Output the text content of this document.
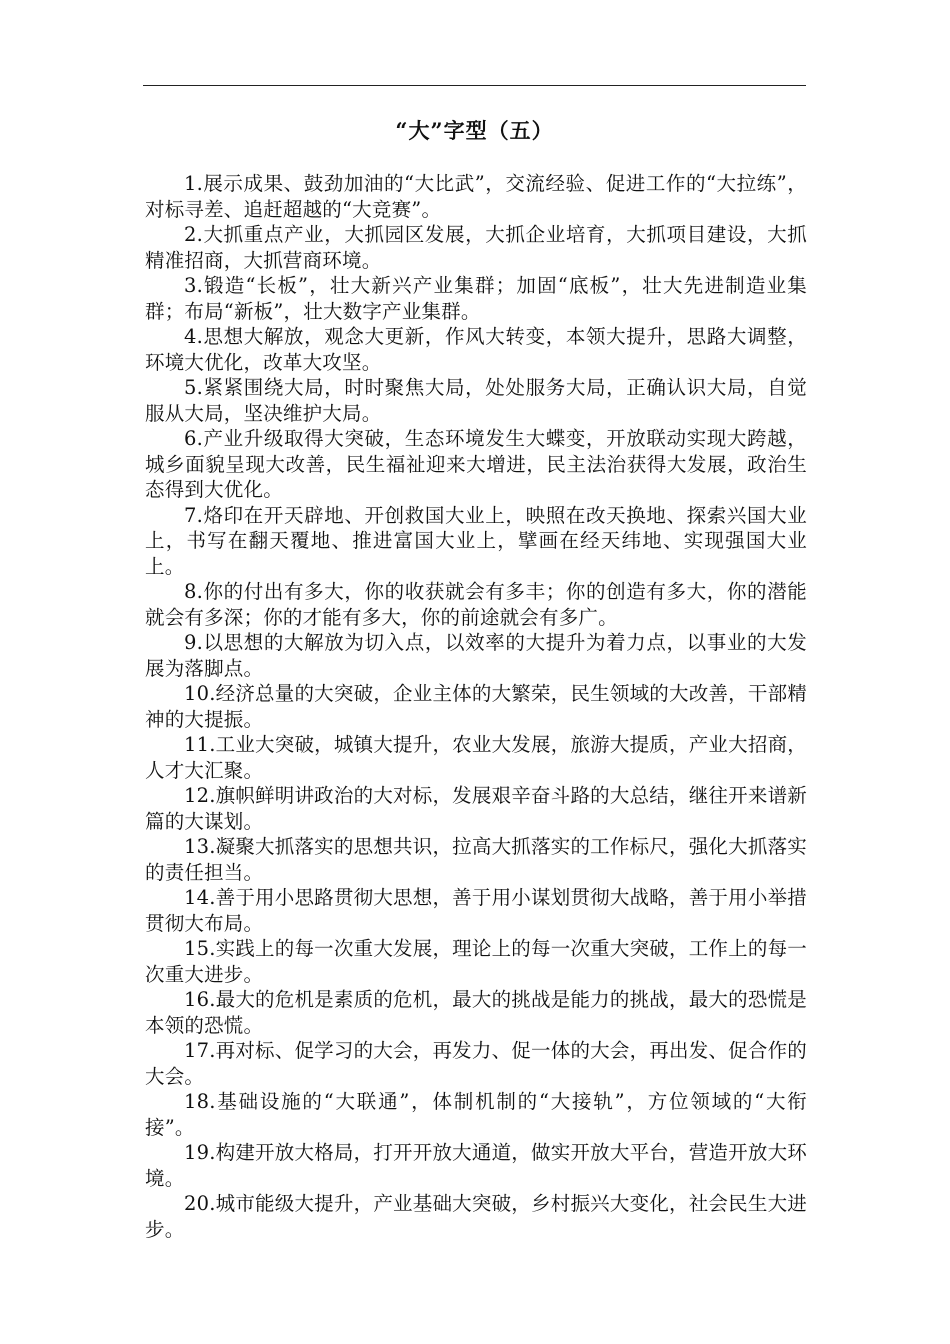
“大”字型（五）

1.展示成果、鼓劲加油的“大比武”，交流经验、促进工作的“大拉练”，对标寻差、追赶超越的“大竞赛”。

2.大抓重点产业，大抓园区发展，大抓企业培育，大抓项目建设，大抓精准招商，大抓营商环境。

3.锻造“长板”，壮大新兴产业集群；加固“底板”，壮大先进制造业集群；布局“新板”，壮大数字产业集群。

4.思想大解放，观念大更新，作风大转变，本领大提升，思路大调整，环境大优化，改革大攻坚。

5.紧紧围绕大局，时时聚焦大局，处处服务大局，正确认识大局，自觉服从大局，坚决维护大局。

6.产业升级取得大突破，生态环境发生大蝶变，开放联动实现大跨越，城乡面貌呈现大改善，民生福祉迎来大增进，民主法治获得大发展，政治生态得到大优化。

7.烙印在开天辟地、开创救国大业上，映照在改天换地、探索兴国大业上，书写在翻天覆地、推进富国大业上，擘画在经天纬地、实现强国大业上。

8.你的付出有多大，你的收获就会有多丰；你的创造有多大，你的潜能就会有多深；你的才能有多大，你的前途就会有多广。

9.以思想的大解放为切入点，以效率的大提升为着力点，以事业的大发展为落脚点。

10.经济总量的大突破，企业主体的大繁荣，民生领域的大改善，干部精神的大提振。

11.工业大突破，城镇大提升，农业大发展，旅游大提质，产业大招商，人才大汇聚。

12.旗帜鲜明讲政治的大对标，发展艰辛奋斗路的大总结，继往开来谱新篇的大谋划。

13.凝聚大抓落实的思想共识，拉高大抓落实的工作标尺，强化大抓落实的责任担当。

14.善于用小思路贯彻大思想，善于用小谋划贯彻大战略，善于用小举措贯彻大布局。

15.实践上的每一次重大发展，理论上的每一次重大突破，工作上的每一次重大进步。

16.最大的危机是素质的危机，最大的挑战是能力的挑战，最大的恐慌是本领的恐慌。

17.再对标、促学习的大会，再发力、促一体的大会，再出发、促合作的大会。

18.基础设施的“大联通”，体制机制的“大接轨”，方位领域的“大衔接”。

19.构建开放大格局，打开开放大通道，做实开放大平台，营造开放大环境。

20.城市能级大提升，产业基础大突破，乡村振兴大变化，社会民生大进步。
